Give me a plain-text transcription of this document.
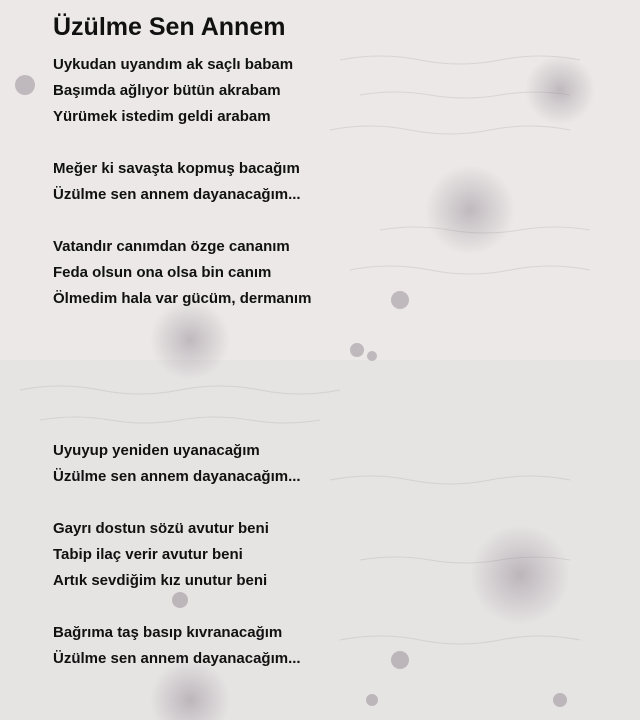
Üzülme Sen Annem
Uykudan uyandım ak saçlı babam
Başımda ağlıyor bütün akrabam
Yürümek istedim geldi arabam
Meğer ki savaşta kopmuş bacağım
Üzülme sen annem dayanacağım...
Vatandır canımdan özge cananım
Feda olsun ona olsa bin canım
Ölmedim hala var gücüm, dermanım
Uyuyup yeniden uyanacağım
Üzülme sen annem dayanacağım...
Gayrı dostun sözü avutur beni
Tabip ilaç verir avutur beni
Artık sevdiğim kız unutur beni
Bağrıma taş basıp kıvranacağım
Üzülme sen annem dayanacağım...
